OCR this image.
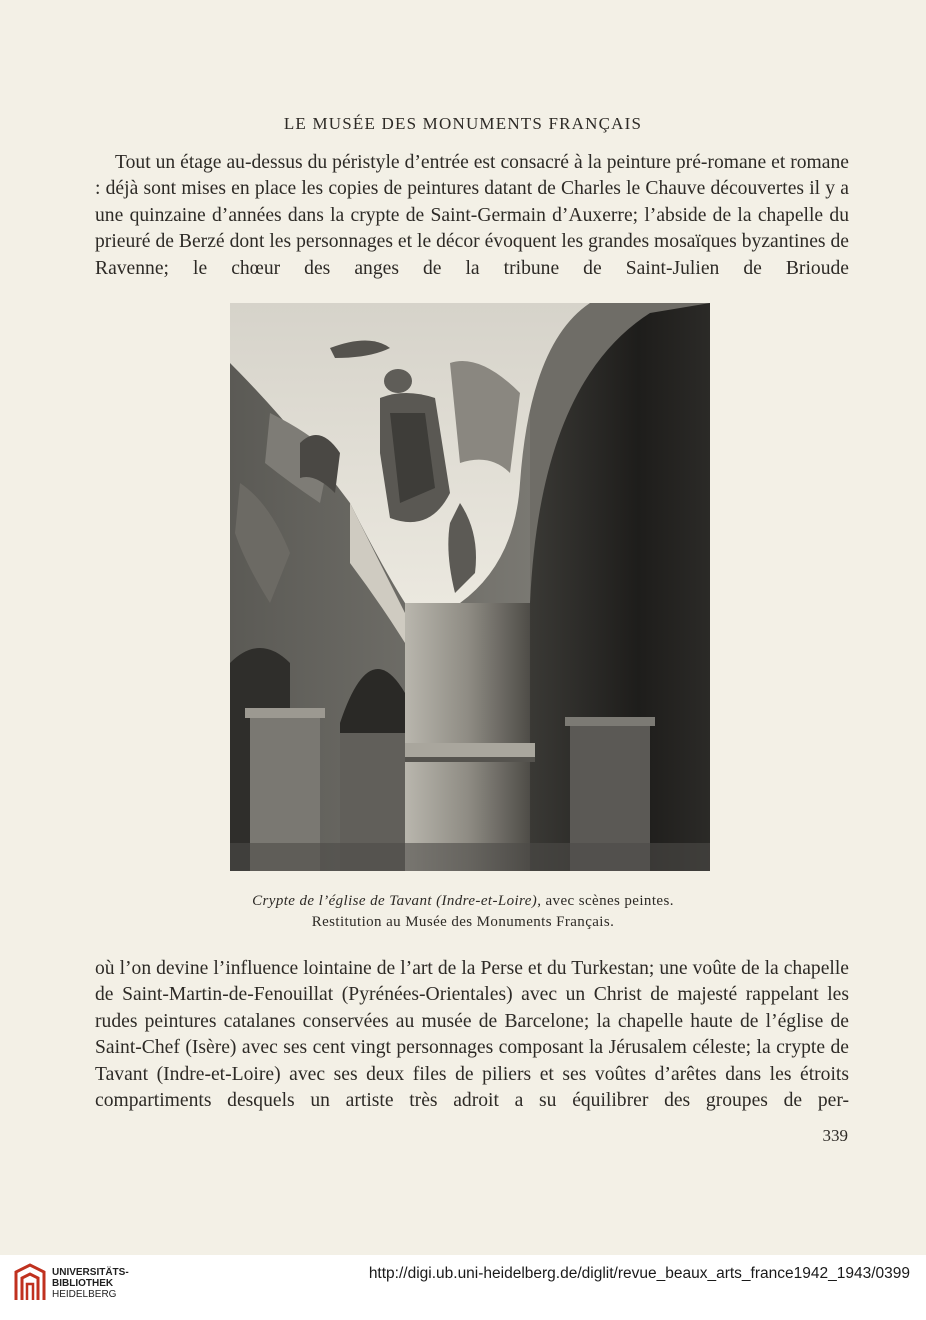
LE MUSÉE DES MONUMENTS FRANÇAIS

Tout un étage au-dessus du péristyle d’entrée est consacré à la peinture pré-romane et romane : déjà sont mises en place les copies de peintures datant de Charles le Chauve découvertes il y a une quinzaine d’années dans la crypte de Saint-Germain d’Auxerre; l’abside de la chapelle du prieuré de Berzé dont les personnages et le décor évoquent les grandes mosaïques byzantines de Ravenne; le chœur des anges de la tribune de Saint-Julien de Brioude

Crypte de l’église de Tavant (Indre-et-Loire), avec scènes peintes.
Restitution au Musée des Monuments Français.

où l’on devine l’influence lointaine de l’art de la Perse et du Turkestan; une voûte de la chapelle de Saint-Martin-de-Fenouillat (Pyrénées-Orientales) avec un Christ de majesté rappelant les rudes peintures catalanes conservées au musée de Barcelone; la chapelle haute de l’église de Saint-Chef (Isère) avec ses cent vingt personnages composant la Jérusalem céleste; la crypte de Tavant (Indre-et-Loire) avec ses deux files de piliers et ses voûtes d’arêtes dans les étroits compartiments desquels un artiste très adroit a su équilibrer des groupes de per-

339
UNIVERSITÄTS-
BIBLIOTHEK
HEIDELBERG
http://digi.ub.uni-heidelberg.de/diglit/revue_beaux_arts_france1942_1943/0399
